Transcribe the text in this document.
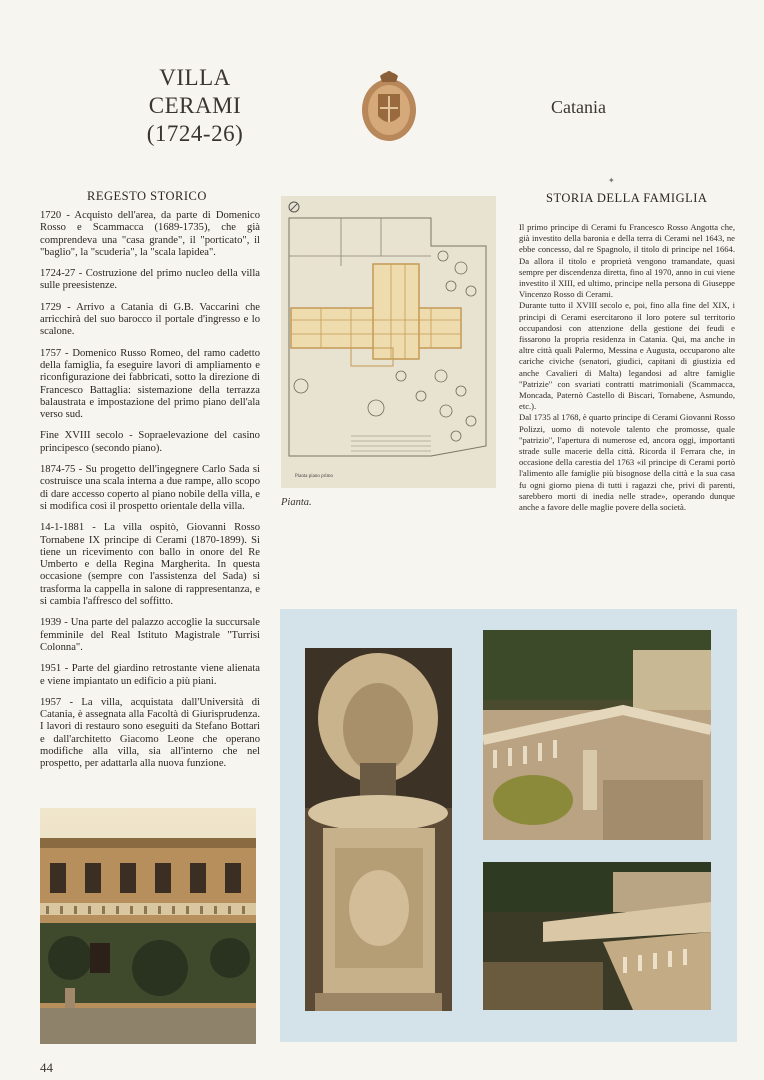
VILLA
CERAMI
(1724-26)
Catania
REGESTO STORICO

1720 - Acquisto dell'area, da parte di Domenico Rosso e Scammacca (1689-1735), che già comprendeva una "casa grande", il "porticato", il "baglio", la "scuderia", la "scala lapidea".

1724-27 - Costruzione del primo nucleo della villa sulle preesistenze.

1729 - Arrivo a Catania di G.B. Vaccarini che arricchirà del suo barocco il portale d'ingresso e lo scalone.

1757 - Domenico Russo Romeo, del ramo cadetto della famiglia, fa eseguire lavori di ampliamento e riconfigurazione dei fabbricati, sotto la direzione di Francesco Battaglia: sistemazione della terrazza balaustrata e impostazione del primo piano dell'ala verso sud.

Fine XVIII secolo - Sopraelevazione del casino principesco (secondo piano).

1874-75 - Su progetto dell'ingegnere Carlo Sada si costruisce una scala interna a due rampe, allo scopo di dare accesso coperto al piano nobile della villa, e si modifica così il prospetto orientale della villa.

14-1-1881 - La villa ospitò, Giovanni Rosso Tornabene IX principe di Cerami (1870-1899). Si tiene un ricevimento con ballo in onore del Re Umberto e della Regina Margherita. In questa occasione (sempre con l'assistenza del Sada) si trasforma la cappella in salone di rappresentanza, e si cambia l'affresco del soffitto.

1939 - Una parte del palazzo accoglie la succursale femminile del Real Istituto Magistrale "Turrisi Colonna".

1951 - Parte del giardino retrostante viene alienata e viene impiantato un edificio a più piani.

1957 - La villa, acquistata dall'Università di Catania, è assegnata alla Facoltà di Giurisprudenza. I lavori di restauro sono eseguiti da Stefano Bottari e dall'architetto Giacomo Leone che operano modifiche alla villa, sia all'interno che nel prospetto, per adattarla alla nuova funzione.

Pianta piano primo
Pianta.
✦
STORIA DELLA FAMIGLIA

Il primo principe di Cerami fu Francesco Rosso Angotta che, già investito della baronia e della terra di Cerami nel 1643, ne ebbe concesso, dal re Spagnolo, il titolo di principe nel 1664. Da allora il titolo e proprietà vengono tramandate, quasi sempre per discendenza diretta, fino al 1970, anno in cui viene investito il XIII, ed ultimo, principe nella persona di Giuseppe Vincenzo Rosso di Cerami.

Durante tutto il XVIII secolo e, poi, fino alla fine del XIX, i principi di Cerami esercitarono il loro potere sul territorio occupandosi con attenzione della gestione dei feudi e fissarono la propria residenza in Catania. Qui, ma anche in altre città quali Palermo, Messina e Augusta, occuparono alte cariche civiche (senatori, giudici, capitani di giustizia ed anche Cavalieri di Malta) legandosi ad altre famiglie "Patrizie" con svariati contratti matrimoniali (Scammacca, Moncada, Paternò Castello di Biscari, Tornabene, Asmundo, etc.).

Dal 1735 al 1768, è quarto principe di Cerami Giovanni Rosso Polizzi, uomo di notevole talento che promosse, quale "patrizio", l'apertura di numerose ed, ancora oggi, importanti strade sulle macerie della città. Ricorda il Ferrara che, in occasione della carestia del 1763 «il principe di Cerami portò l'alimento alle famiglie più bisognose della città e la sua casa fu ogni giorno piena di tutti i ragazzi che, privi di parenti, sarebbero morti di inedia nelle strade», operando dunque anche a favore delle maglie povere della società.

44
